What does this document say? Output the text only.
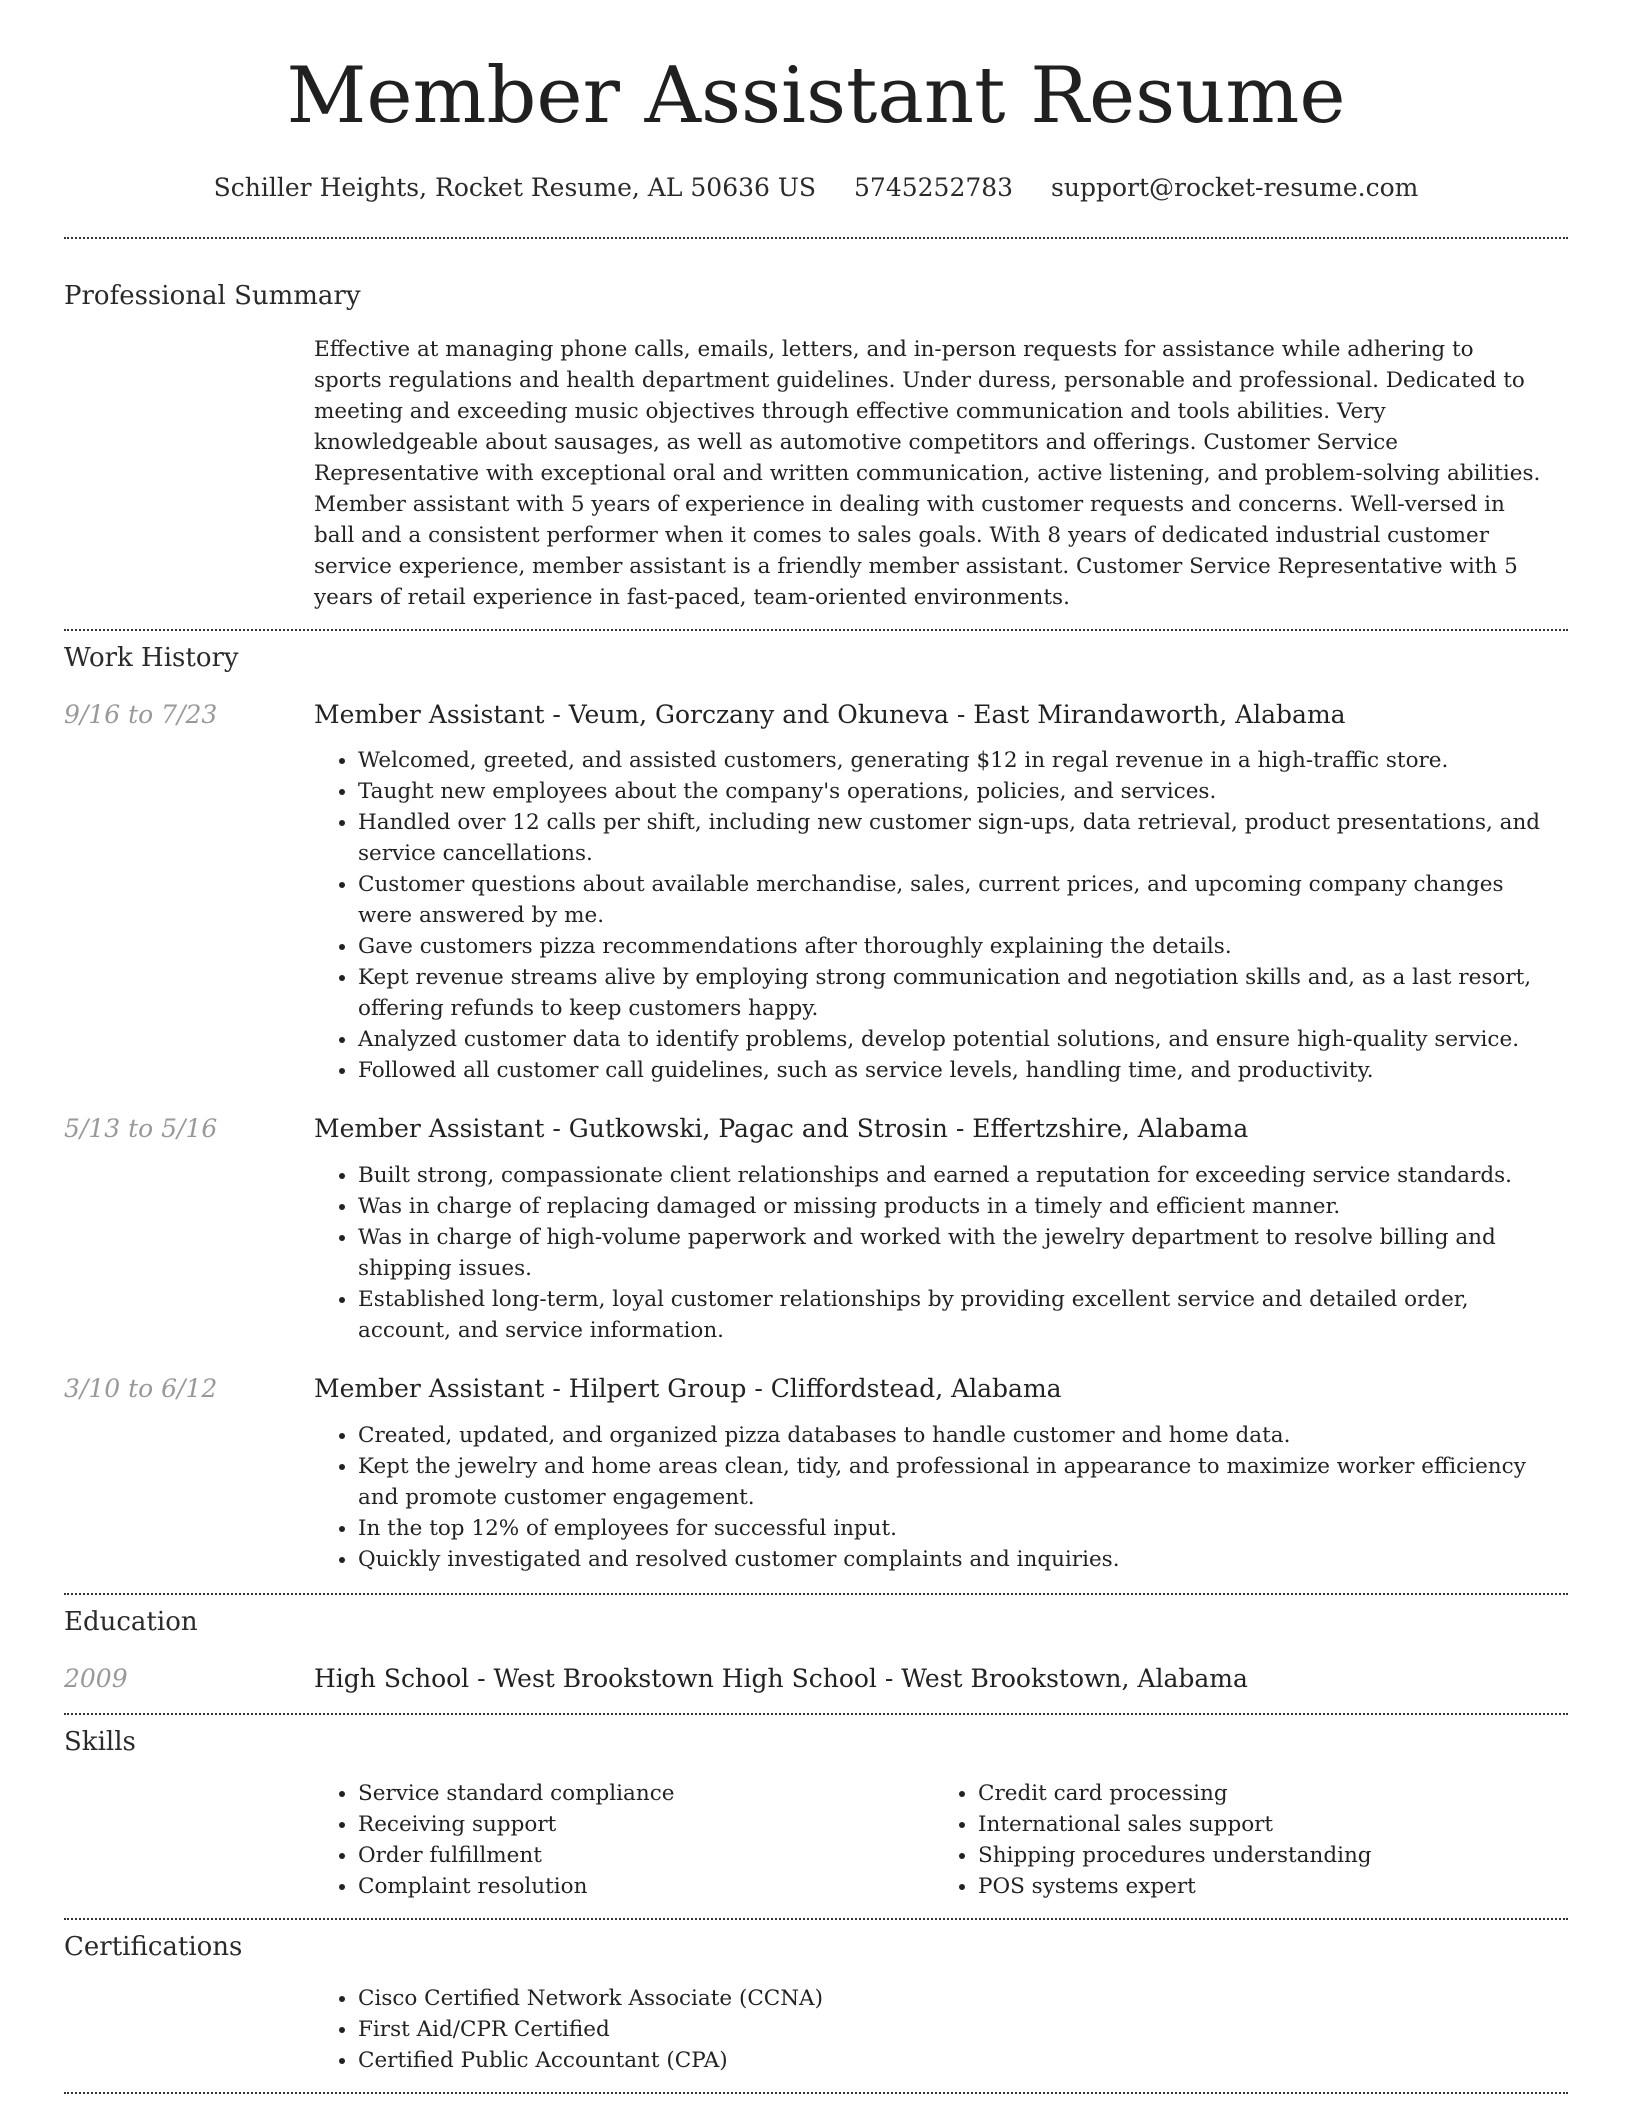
Member Assistant Resume
Schiller Heights, Rocket Resume, AL 50636 US 5745252783 support@rocket-resume.com
Professional Summary

Effective at managing phone calls, emails, letters, and in-person requests for assistance while adhering to sports regulations and health department guidelines. Under duress, personable and professional. Dedicated to meeting and exceeding music objectives through effective communication and tools abilities. Very knowledgeable about sausages, as well as automotive competitors and offerings. Customer Service Representative with exceptional oral and written communication, active listening, and problem-solving abilities. Member assistant with 5 years of experience in dealing with customer requests and concerns. Well-versed in ball and a consistent performer when it comes to sales goals. With 8 years of dedicated industrial customer service experience, member assistant is a friendly member assistant. Customer Service Representative with 5 years of retail experience in fast-paced, team-oriented environments.

Work History
9/16 to 7/23	Member Assistant - Veum, Gorczany and Okuneva - East Mirandaworth, Alabama
• Welcomed, greeted, and assisted customers, generating $12 in regal revenue in a high-traffic store.
• Taught new employees about the company's operations, policies, and services.
• Handled over 12 calls per shift, including new customer sign-ups, data retrieval, product presentations, and service cancellations.
• Customer questions about available merchandise, sales, current prices, and upcoming company changes were answered by me.
• Gave customers pizza recommendations after thoroughly explaining the details.
• Kept revenue streams alive by employing strong communication and negotiation skills and, as a last resort, offering refunds to keep customers happy.
• Analyzed customer data to identify problems, develop potential solutions, and ensure high-quality service.
• Followed all customer call guidelines, such as service levels, handling time, and productivity.
5/13 to 5/16	Member Assistant - Gutkowski, Pagac and Strosin - Effertzshire, Alabama
• Built strong, compassionate client relationships and earned a reputation for exceeding service standards.
• Was in charge of replacing damaged or missing products in a timely and efficient manner.
• Was in charge of high-volume paperwork and worked with the jewelry department to resolve billing and shipping issues.
• Established long-term, loyal customer relationships by providing excellent service and detailed order, account, and service information.
3/10 to 6/12	Member Assistant - Hilpert Group - Cliffordstead, Alabama
• Created, updated, and organized pizza databases to handle customer and home data.
• Kept the jewelry and home areas clean, tidy, and professional in appearance to maximize worker efficiency and promote customer engagement.
• In the top 12% of employees for successful input.
• Quickly investigated and resolved customer complaints and inquiries.
Education
2009	High School - West Brookstown High School - West Brookstown, Alabama
Skills
• Service standard compliance
• Receiving support
• Order fulfillment
• Complaint resolution
• Credit card processing
• International sales support
• Shipping procedures understanding
• POS systems expert
Certifications
• Cisco Certified Network Associate (CCNA)
• First Aid/CPR Certified
• Certified Public Accountant (CPA)
